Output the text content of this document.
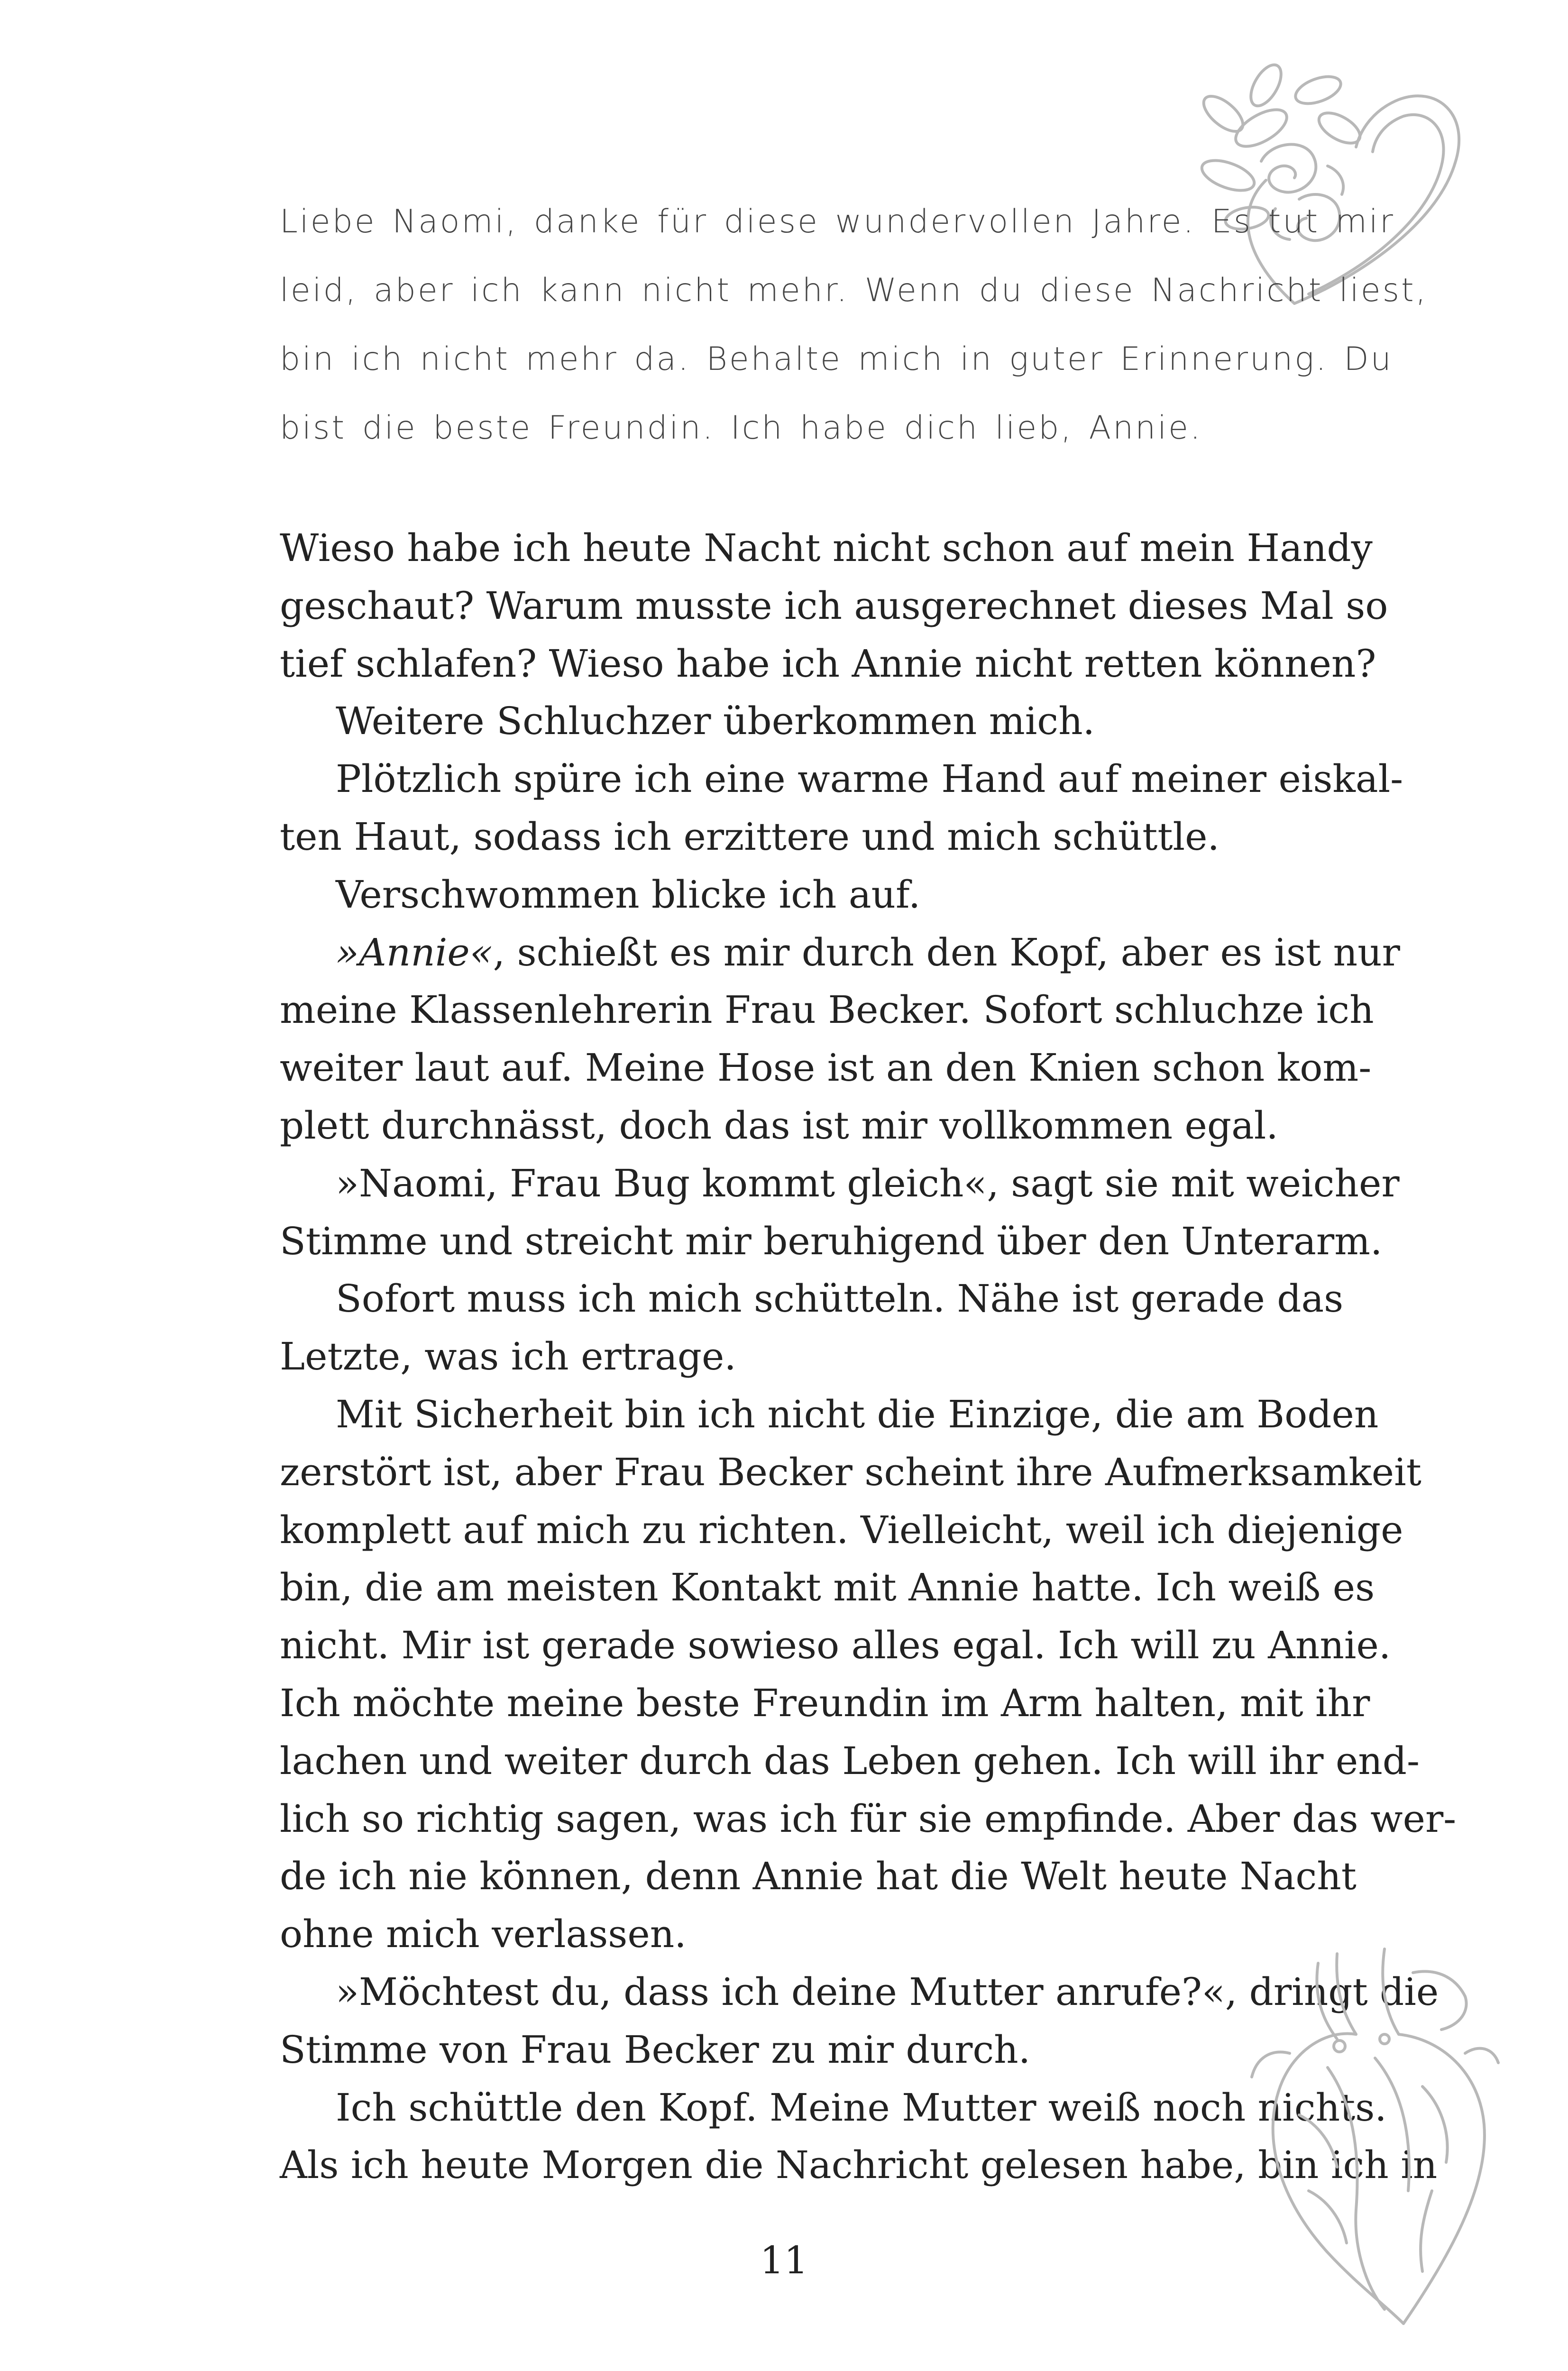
Liebe Naomi, danke für diese wundervollen Jahre. Es tut mir
leid, aber ich kann nicht mehr. Wenn du diese Nachricht liest,
bin ich nicht mehr da. Behalte mich in guter Erinnerung. Du
bist die beste Freundin. Ich habe dich lieb, Annie.
Wieso habe ich heute Nacht nicht schon auf mein Handy
geschaut? Warum musste ich ausgerechnet dieses Mal so
tief schlafen? Wieso habe ich Annie nicht retten können?
Weitere Schluchzer überkommen mich.
Plötzlich spüre ich eine warme Hand auf meiner eiskal-
ten Haut, sodass ich erzittere und mich schüttle.
Verschwommen blicke ich auf.
»Annie«, schießt es mir durch den Kopf, aber es ist nur
meine Klassenlehrerin Frau Becker. Sofort schluchze ich
weiter laut auf. Meine Hose ist an den Knien schon kom-
plett durchnässt, doch das ist mir vollkommen egal.
»Naomi, Frau Bug kommt gleich«, sagt sie mit weicher
Stimme und streicht mir beruhigend über den Unterarm.
Sofort muss ich mich schütteln. Nähe ist gerade das
Letzte, was ich ertrage.
Mit Sicherheit bin ich nicht die Einzige, die am Boden
zerstört ist, aber Frau Becker scheint ihre Aufmerksamkeit
komplett auf mich zu richten. Vielleicht, weil ich diejenige
bin, die am meisten Kontakt mit Annie hatte. Ich weiß es
nicht. Mir ist gerade sowieso alles egal. Ich will zu Annie.
Ich möchte meine beste Freundin im Arm halten, mit ihr
lachen und weiter durch das Leben gehen. Ich will ihr end-
lich so richtig sagen, was ich für sie empfinde. Aber das wer-
de ich nie können, denn Annie hat die Welt heute Nacht
ohne mich verlassen.
»Möchtest du, dass ich deine Mutter anrufe?«, dringt die
Stimme von Frau Becker zu mir durch.
Ich schüttle den Kopf. Meine Mutter weiß noch nichts.
Als ich heute Morgen die Nachricht gelesen habe, bin ich in
11
